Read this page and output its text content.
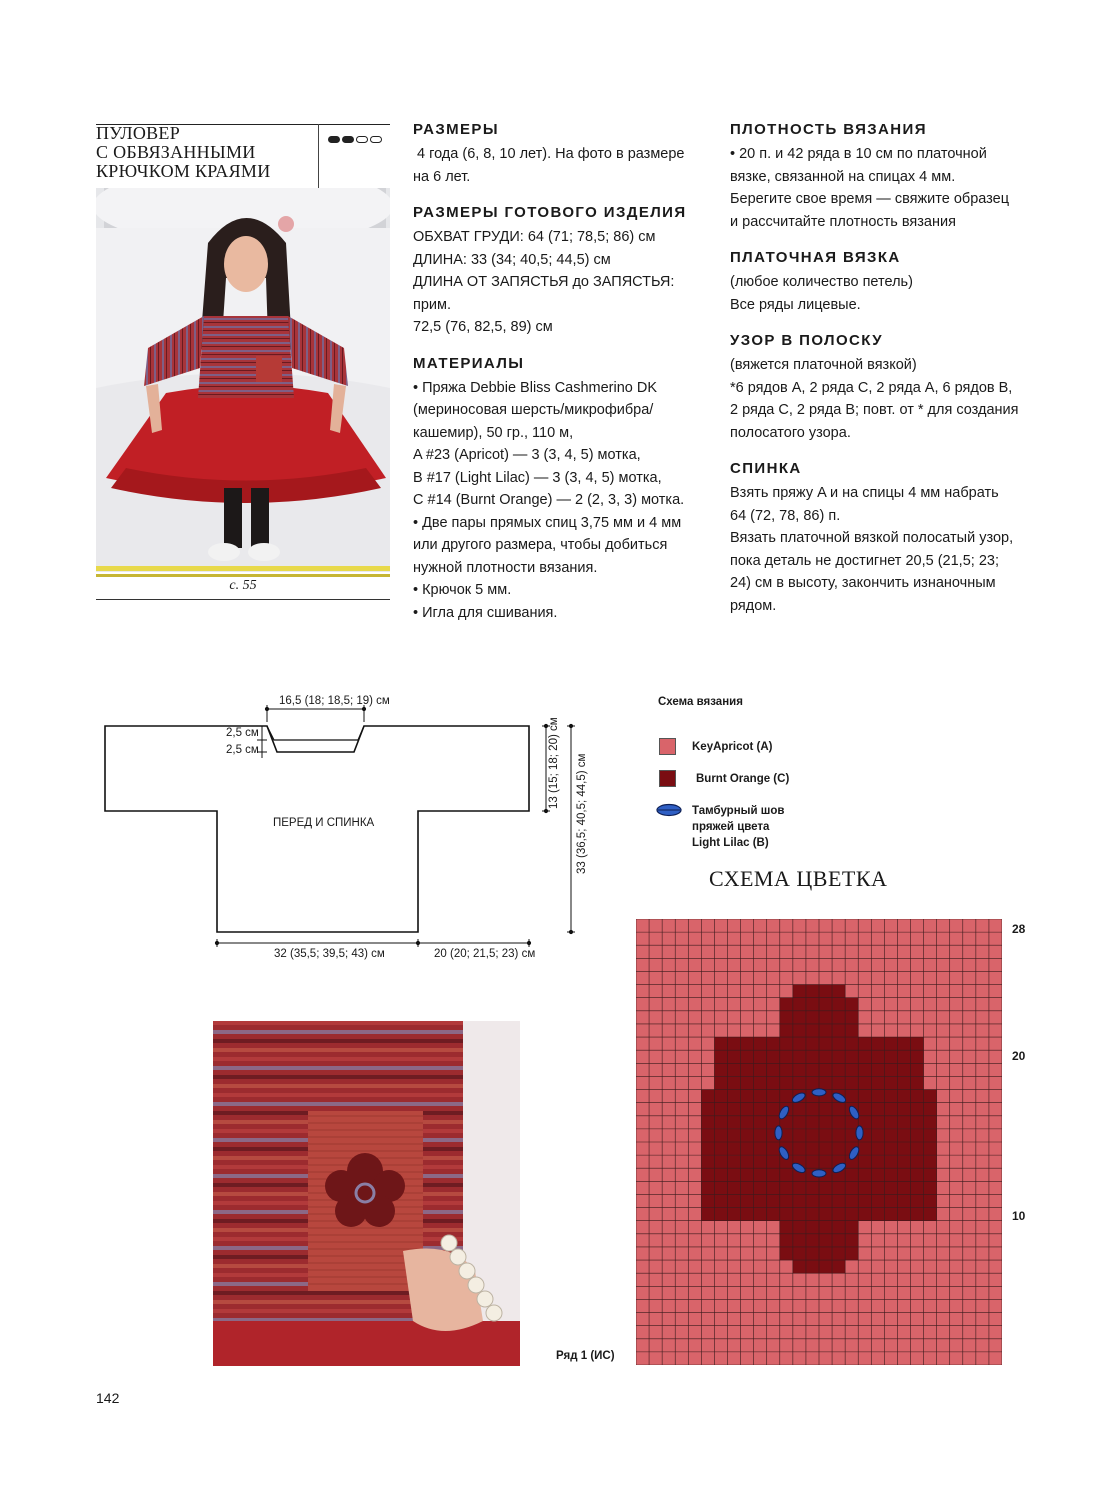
ПУЛОВЕР
С ОБВЯЗАННЫМИ
КРЮЧКОМ КРАЯМИ
с. 55
РАЗМЕРЫ

4 года (6, 8, 10 лет). На фото в размере

на 6 лет.

РАЗМЕРЫ ГОТОВОГО ИЗДЕЛИЯ

ОБХВАТ ГРУДИ: 64 (71; 78,5; 86) см

ДЛИНА: 33 (34; 40,5; 44,5) см

ДЛИНА ОТ ЗАПЯСТЬЯ до ЗАПЯСТЬЯ: прим.

72,5 (76, 82,5, 89) см

МАТЕРИАЛЫ

• Пряжа Debbie Bliss Cashmerino DK

(мериносовая шерсть/микрофибра/

кашемир), 50 гр., 110 м,

A #23 (Apricot) — 3 (3, 4, 5) мотка,

B #17 (Light Lilac) — 3 (3, 4, 5) мотка,

C #14 (Burnt Orange) — 2 (2, 3, 3) мотка.

• Две пары прямых спиц 3,75 мм и 4 мм

или другого размера, чтобы добиться

нужной плотности вязания.

• Крючок 5 мм.

• Игла для сшивания.

ПЛОТНОСТЬ ВЯЗАНИЯ

• 20 п. и 42 ряда в 10 см по платочной

вязке, связанной на спицах 4 мм.

Берегите свое время — свяжите образец

и рассчитайте плотность вязания

ПЛАТОЧНАЯ ВЯЗКА

(любое количество петель)

Все ряды лицевые.

УЗОР В ПОЛОСКУ

(вяжется платочной вязкой)

*6 рядов A, 2 ряда C, 2 ряда A, 6 рядов B,

2 ряда C, 2 ряда B; повт. от * для создания

полосатого узора.

СПИНКА

Взять пряжу A и на спицы 4 мм набрать

64 (72, 78, 86) п.

Вязать платочной вязкой полосатый узор,

пока деталь не достигнет 20,5 (21,5; 23;

24) см в высоту, закончить изнаночным

рядом.

16,5 (18; 18,5; 19) см
2,5 см
2,5 см
ПЕРЕД И СПИНКА
13 (15; 18; 20) см 33 (36,5; 40,5; 44,5) см
32 (35,5; 39,5; 43) см	20 (20; 21,5; 23) см
Схема вязания
KeyApricot (A)
Burnt Orange (C)
Тамбурный шов
пряжей цвета
Light Lilac (B)
СХЕМА ЦВЕТКА
28
20
10
Ряд 1 (ИС)
142
